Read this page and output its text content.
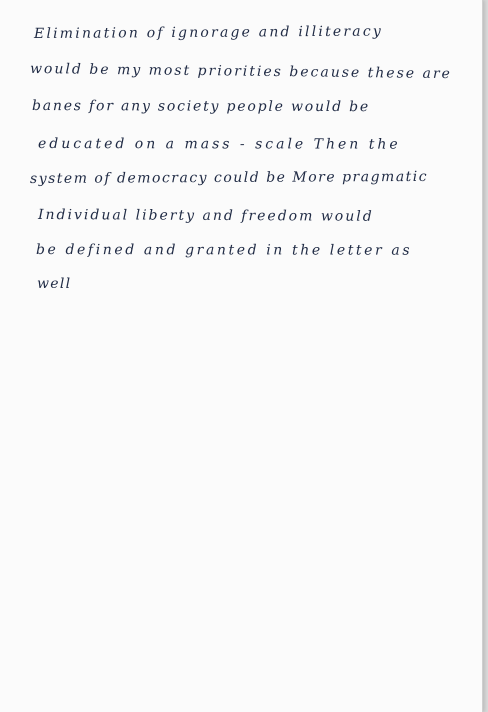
Elimination of ignorage and illiteracy
would be my most priorities because these are
banes for any society people would be
educated on a mass - scale Then the
system of democracy could be More pragmatic
Individual liberty and freedom would
be defined and granted in the letter as
well
